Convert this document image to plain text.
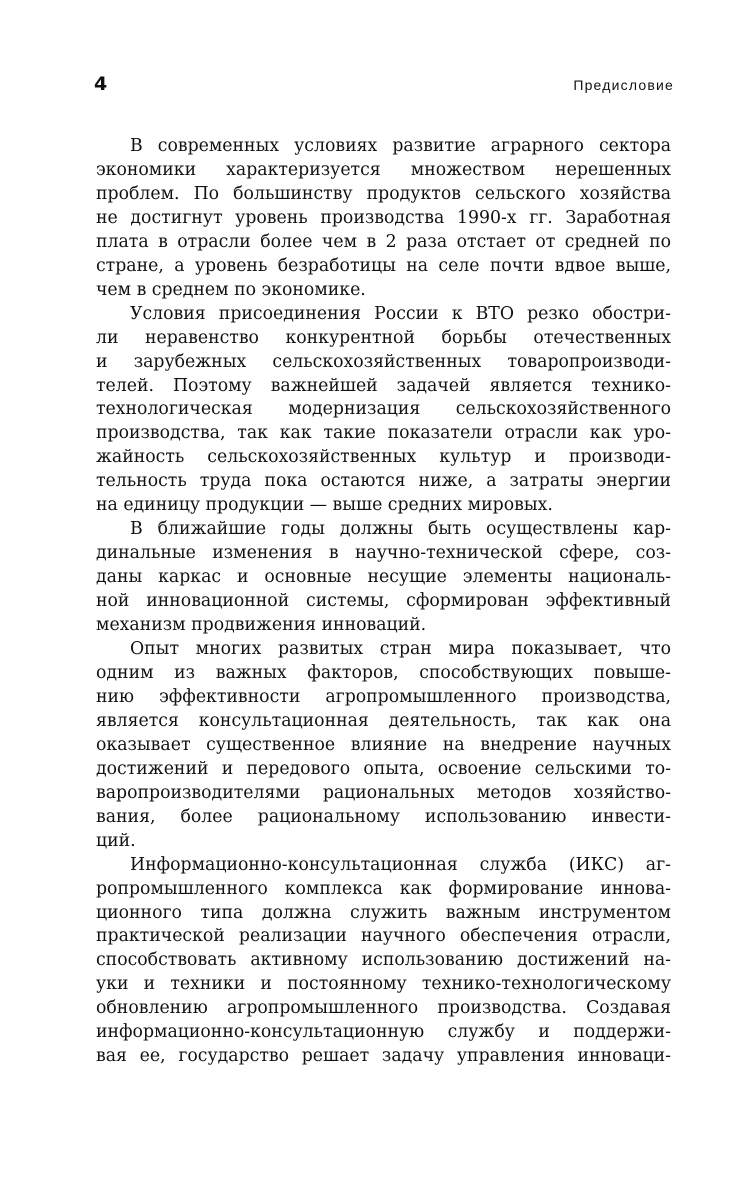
4	Предисловие

В современных условиях развитие аграрного сектора
экономики характеризуется множеством нерешенных
проблем. По большинству продуктов сельского хозяйства
не достигнут уровень производства 1990-х гг. Заработная
плата в отрасли более чем в 2 раза отстает от средней по
стране, а уровень безработицы на селе почти вдвое выше,
чем в среднем по экономике.

Условия присоединения России к ВТО резко обостри-
ли неравенство конкурентной борьбы отечественных
и зарубежных сельскохозяйственных товаропроизводи-
телей. Поэтому важнейшей задачей является технико-
технологическая модернизация сельскохозяйственного
производства, так как такие показатели отрасли как уро-
жайность сельскохозяйственных культур и производи-
тельность труда пока остаются ниже, а затраты энергии
на единицу продукции — выше средних мировых.

В ближайшие годы должны быть осуществлены кар-
динальные изменения в научно-технической сфере, соз-
даны каркас и основные несущие элементы националь-
ной инновационной системы, сформирован эффективный
механизм продвижения инноваций.

Опыт многих развитых стран мира показывает, что
одним из важных факторов, способствующих повыше-
нию эффективности агропромышленного производства,
является консультационная деятельность, так как она
оказывает существенное влияние на внедрение научных
достижений и передового опыта, освоение сельскими то-
варопроизводителями рациональных методов хозяйство-
вания, более рациональному использованию инвести-
ций.

Информационно-консультационная служба (ИКС) аг-
ропромышленного комплекса как формирование иннова-
ционного типа должна служить важным инструментом
практической реализации научного обеспечения отрасли,
способствовать активному использованию достижений на-
уки и техники и постоянному технико-технологическому
обновлению агропромышленного производства. Создавая
информационно-консультационную службу и поддержи-
вая ее, государство решает задачу управления инноваци-
